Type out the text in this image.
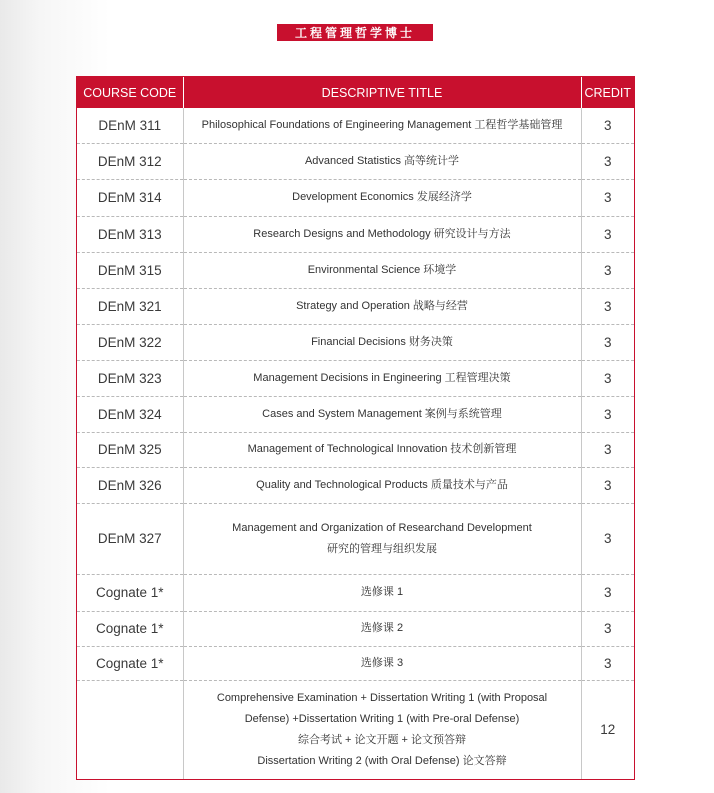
工程管理哲学博士
COURSE CODE	DESCRIPTIVE TITLE	CREDIT
DEnM 311	Philosophical Foundations of Engineering Management 工程哲学基础管理	3
DEnM 312	Advanced Statistics 高等统计学	3
DEnM 314	Development Economics 发展经济学	3
DEnM 313	Research Designs and Methodology 研究设计与方法	3
DEnM 315	Environmental Science 环境学	3
DEnM 321	Strategy and Operation 战略与经营	3
DEnM 322	Financial Decisions 财务决策	3
DEnM 323	Management Decisions in Engineering 工程管理决策	3
DEnM 324	Cases and System Management 案例与系统管理	3
DEnM 325	Management of Technological Innovation 技术创新管理	3
DEnM 326	Quality and Technological Products 质量技术与产品	3
DEnM 327	Management and Organization of Researchand Development
研究的管理与组织发展	3
Cognate 1*	选修课 1	3
Cognate 1*	选修课 2	3
Cognate 1*	选修课 3	3

	Comprehensive Examination + Dissertation Writing 1 (with Proposal
Defense) +Dissertation Writing 1 (with Pre-oral Defense)
综合考试 + 论文开题 + 论文预答辩
Dissertation Writing 2 (with Oral Defense) 论文答辩	12
